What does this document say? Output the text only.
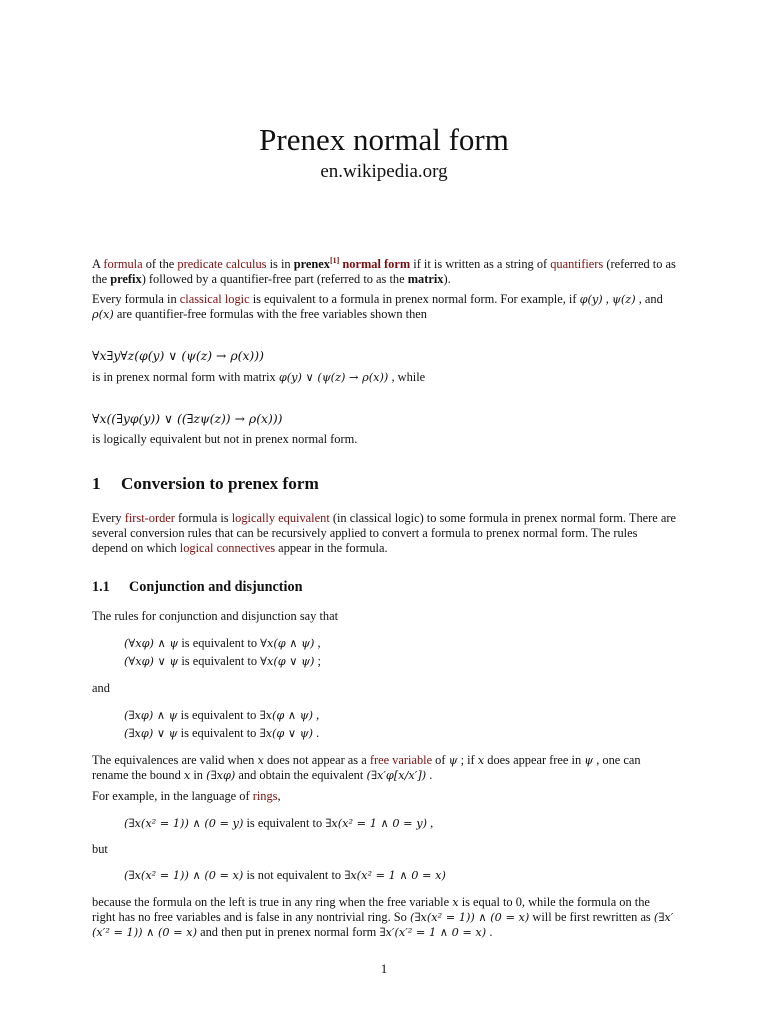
Prenex normal form
en.wikipedia.org

A formula of the predicate calculus is in prenex[1] normal form if it is written as a string of quantifiers (referred to as the prefix) followed by a quantifier-free part (referred to as the matrix).

Every formula in classical logic is equivalent to a formula in prenex normal form. For example, if φ(y) , ψ(z) , and ρ(x) are quantifier-free formulas with the free variables shown then

∀x∃y∀z(φ(y) ∨ (ψ(z) → ρ(x)))
is in prenex normal form with matrix φ(y) ∨ (ψ(z) → ρ(x)) , while
∀x((∃yφ(y)) ∨ ((∃zψ(z)) → ρ(x)))
is logically equivalent but not in prenex normal form.
1 Conversion to prenex form

Every first-order formula is logically equivalent (in classical logic) to some formula in prenex normal form. There are several conversion rules that can be recursively applied to convert a formula to prenex normal form. The rules depend on which logical connectives appear in the formula.

1.1 Conjunction and disjunction
The rules for conjunction and disjunction say that
(∀xφ) ∧ ψ is equivalent to ∀x(φ ∧ ψ) ,
(∀xφ) ∨ ψ is equivalent to ∀x(φ ∨ ψ) ;
and
(∃xφ) ∧ ψ is equivalent to ∃x(φ ∧ ψ) ,
(∃xφ) ∨ ψ is equivalent to ∃x(φ ∨ ψ) .

The equivalences are valid when x does not appear as a free variable of ψ ; if x does appear free in ψ , one can rename the bound x in (∃xφ) and obtain the equivalent (∃x′φ[x/x′]) .

For example, in the language of rings,
(∃x(x² = 1)) ∧ (0 = y) is equivalent to ∃x(x² = 1 ∧ 0 = y) ,
but
(∃x(x² = 1)) ∧ (0 = x) is not equivalent to ∃x(x² = 1 ∧ 0 = x)

because the formula on the left is true in any ring when the free variable x is equal to 0, while the formula on the right has no free variables and is false in any nontrivial ring. So (∃x(x² = 1)) ∧ (0 = x) will be first rewritten as (∃x′(x′² = 1)) ∧ (0 = x) and then put in prenex normal form ∃x′(x′² = 1 ∧ 0 = x) .

1
